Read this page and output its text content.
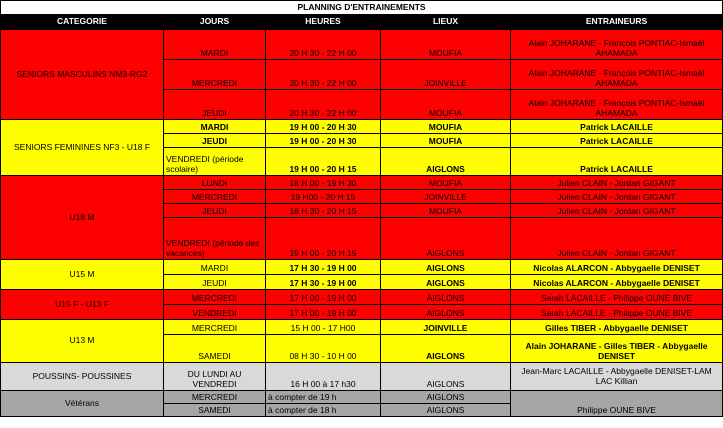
PLANNING D'ENTRAINEMENTS				
CATEGORIE	JOURS	HEURES	LIEUX	ENTRAINEURS
SENIORS MASCULINS NM3-RG2	MARDI	20 H 30 - 22 H 00	MOUFIA	Alain JOHARANE - François PONTIAC-Ismaël AHAMADA
	MERCREDI	20 H 30 - 22 H 00	JOINVILLE	Alain JOHARANE - François PONTIAC-Ismaël AHAMADA
	JEUDI	20 H 30 - 22 H 00	MOUFIA	Alain JOHARANE - François PONTIAC-Ismaël AHAMADA
SENIORS FEMININES NF3 - U18 F	MARDI	19 H 00 - 20 H 30	MOUFIA	Patrick LACAILLE
	JEUDI	19 H 00 - 20 H 30	MOUFIA	Patrick LACAILLE
	VENDREDI (période scolaire)	19 H 00 - 20 H 15	AIGLONS	Patrick LACAILLE
U18 M	LUNDI	18 H 00 - 19 H 30	MOUFIA	Julien CLAIN - Jordan GIGANT
	MERCREDI	19 H00 - 20 H 15	JOINVILLE	Julien CLAIN - Jordan GIGANT
	JEUDI	18 H 30 - 20 H 15	MOUFIA	Julien CLAIN - Jordan GIGANT
	VENDREDI (période des vacances)	19 H 00 - 20 H 15	AIGLONS	Julien CLAIN - Jordan GIGANT
U15 M	MARDI	17 H 30 - 19 H 00	AIGLONS	Nicolas ALARCON - Abbygaelle DENISET
	JEUDI	17 H 30 - 19 H 00	AIGLONS	Nicolas ALARCON - Abbygaelle DENISET
U15 F - U13 F	MERCREDI	17 H 00 - 19 H 00	AIGLONS	Sarah LACAILLE - Philippe OUNE BIVE
	VENDREDI	17 H 00 - 19 H 00	AIGLONS	Sarah LACAILLE - Philippe OUNE BIVE
U13 M	MERCREDI	15 H 00 - 17 H00	JOINVILLE	Gilles TIBER - Abbygaelle DENISET
	SAMEDI	08 H 30 - 10 H 00	AIGLONS	Alain JOHARANE - Gilles TIBER - Abbygaelle DENISET
POUSSINS- POUSSINES	DU LUNDI AU VENDREDI	16 H 00 à 17 h30	AIGLONS	Jean-Marc LACAILLE - Abbygaelle DENISET-LAM LAC Killian
Vétérans	MERCREDI	à compter de 19 h	AIGLONS	Philippe OUNE BIVE
	SAMEDI	à compter de 18 h	AIGLONS	
